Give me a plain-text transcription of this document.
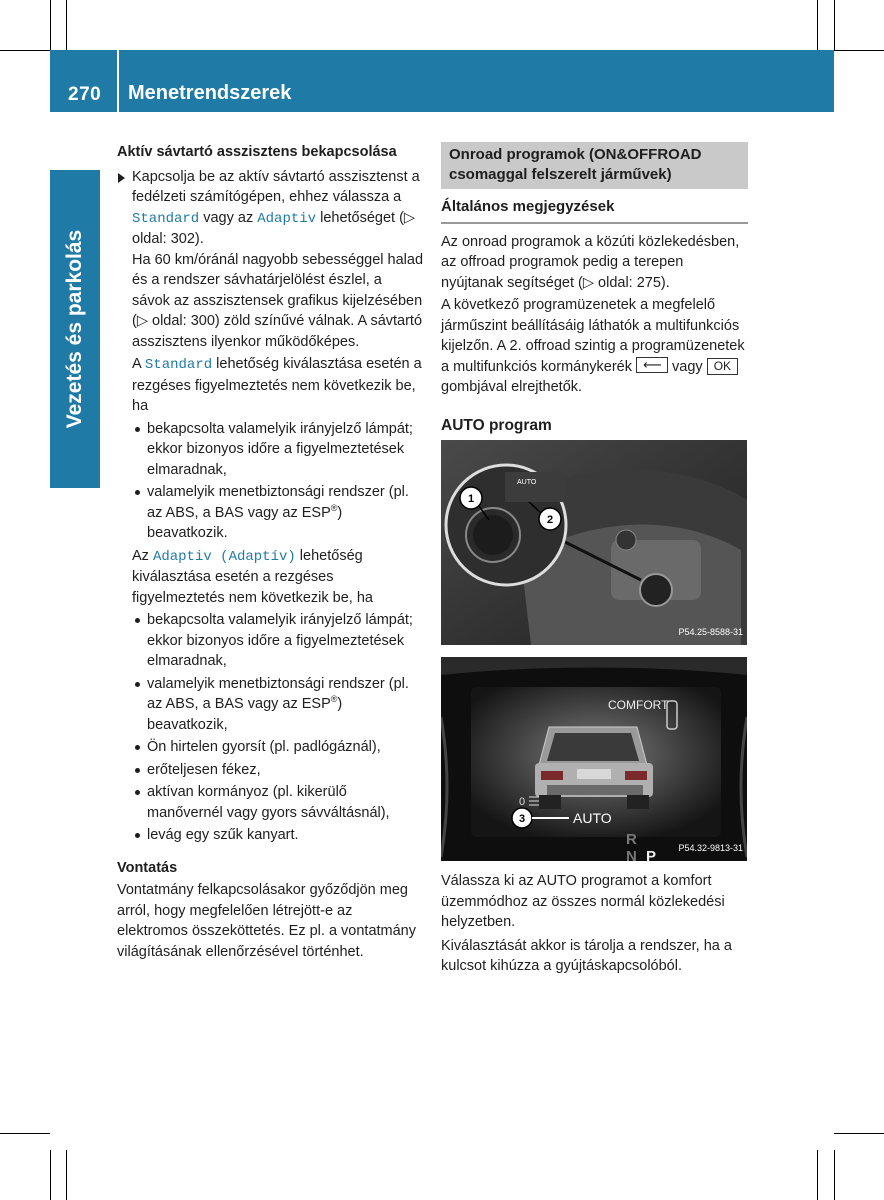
270 Menetrendszerek
Vezetés és parkolás

Aktív sávtartó asszisztens bekapcsolása

Kapcsolja be az aktív sávtartó asszisztenst a fedélzeti számítógépen, ehhez válassza a Standard vagy az Adaptiv lehetőséget (▷ oldal: 302).

Ha 60 km/óránál nagyobb sebességgel halad és a rendszer sávhatárjelölést észlel, a sávok az asszisztensek grafikus kijelzésében (▷ oldal: 300) zöld színűvé válnak. A sávtartó asszisztens ilyenkor működőképes.

A Standard lehetőség kiválasztása esetén a rezgéses figyelmeztetés nem következik be, ha

bekapcsolta valamelyik irányjelző lámpát; ekkor bizonyos időre a figyelmeztetések elmaradnak,
valamelyik menetbiztonsági rendszer (pl. az ABS, a BAS vagy az ESP®) beavatkozik.

Az Adaptiv (Adaptív) lehetőség kiválasztása esetén a rezgéses figyelmeztetés nem következik be, ha

bekapcsolta valamelyik irányjelző lámpát; ekkor bizonyos időre a figyelmeztetések elmaradnak,
valamelyik menetbiztonsági rendszer (pl. az ABS, a BAS vagy az ESP®) beavatkozik,
Ön hirtelen gyorsít (pl. padlógáznál),
erőteljesen fékez,
aktívan kormányoz (pl. kikerülő manővernél vagy gyors sávváltásnál),
levág egy szűk kanyart.

Vontatás

Vontatmány felkapcsolásakor győződjön meg arról, hogy megfelelően létrejött-e az elektromos összeköttetés. Ez pl. a vontatmány világításának ellenőrzésével történhet.

Onroad programok (ON&OFFROAD csomaggal felszerelt járművek)

Általános megjegyzések

Az onroad programok a közúti közlekedésben, az offroad programok pedig a terepen nyújtanak segítséget (▷ oldal: 275).

A következő programüzenetek a megfelelő járműszint beállításáig láthatók a multifunkciós kijelzőn. A 2. offroad szintig a programüzenetek a multifunkciós kormánykerék ⟵ vagy OK gombjával elrejthetők.

AUTO program

1
2
AUTO
P54.25-8588-31
3	AUTO
COMFORT
0
R
N P
P54.32-9813-31

Válassza ki az AUTO programot a komfort üzemmódhoz az összes normál közlekedési helyzetben.

Kiválasztását akkor is tárolja a rendszer, ha a kulcsot kihúzza a gyújtáskapcsolóból.
